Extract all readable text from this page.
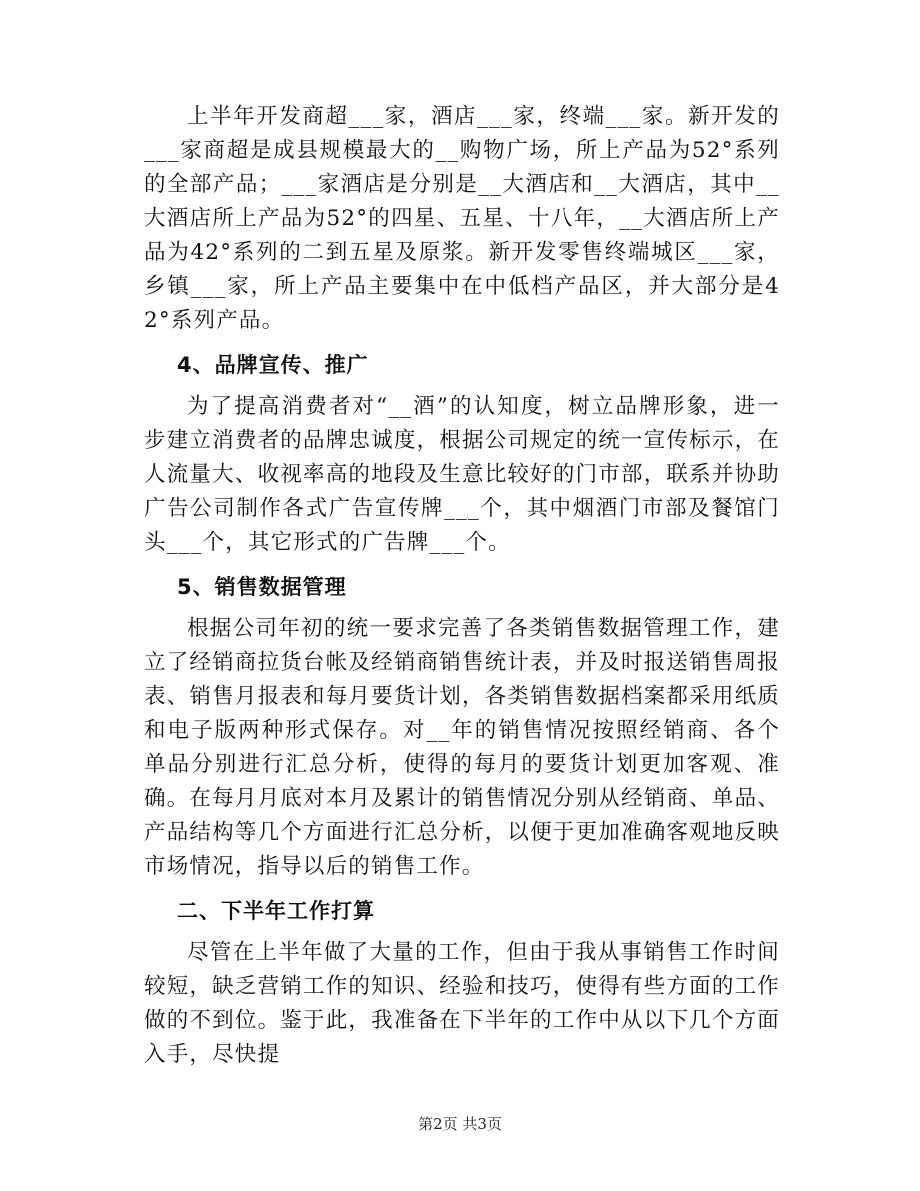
上半年开发商超___家，酒店___家，终端___家。新开发的___家商超是成县规模最大的__购物广场，所上产品为52°系列的全部产品；___家酒店是分别是__大酒店和__大酒店，其中__大酒店所上产品为52°的四星、五星、十八年，__大酒店所上产品为42°系列的二到五星及原浆。新开发零售终端城区___家，乡镇___家，所上产品主要集中在中低档产品区，并大部分是42°系列产品。

4、品牌宣传、推广

为了提高消费者对“__酒”的认知度，树立品牌形象，进一步建立消费者的品牌忠诚度，根据公司规定的统一宣传标示，在人流量大、收视率高的地段及生意比较好的门市部，联系并协助广告公司制作各式广告宣传牌___个，其中烟酒门市部及餐馆门头___个，其它形式的广告牌___个。

5、销售数据管理

根据公司年初的统一要求完善了各类销售数据管理工作，建立了经销商拉货台帐及经销商销售统计表，并及时报送销售周报表、销售月报表和每月要货计划，各类销售数据档案都采用纸质和电子版两种形式保存。对__年的销售情况按照经销商、各个单品分别进行汇总分析，使得的每月的要货计划更加客观、准确。在每月月底对本月及累计的销售情况分别从经销商、单品、产品结构等几个方面进行汇总分析，以便于更加准确客观地反映市场情况，指导以后的销售工作。

二、下半年工作打算

尽管在上半年做了大量的工作，但由于我从事销售工作时间较短，缺乏营销工作的知识、经验和技巧，使得有些方面的工作做的不到位。鉴于此，我准备在下半年的工作中从以下几个方面入手，尽快提

第2页 共3页
